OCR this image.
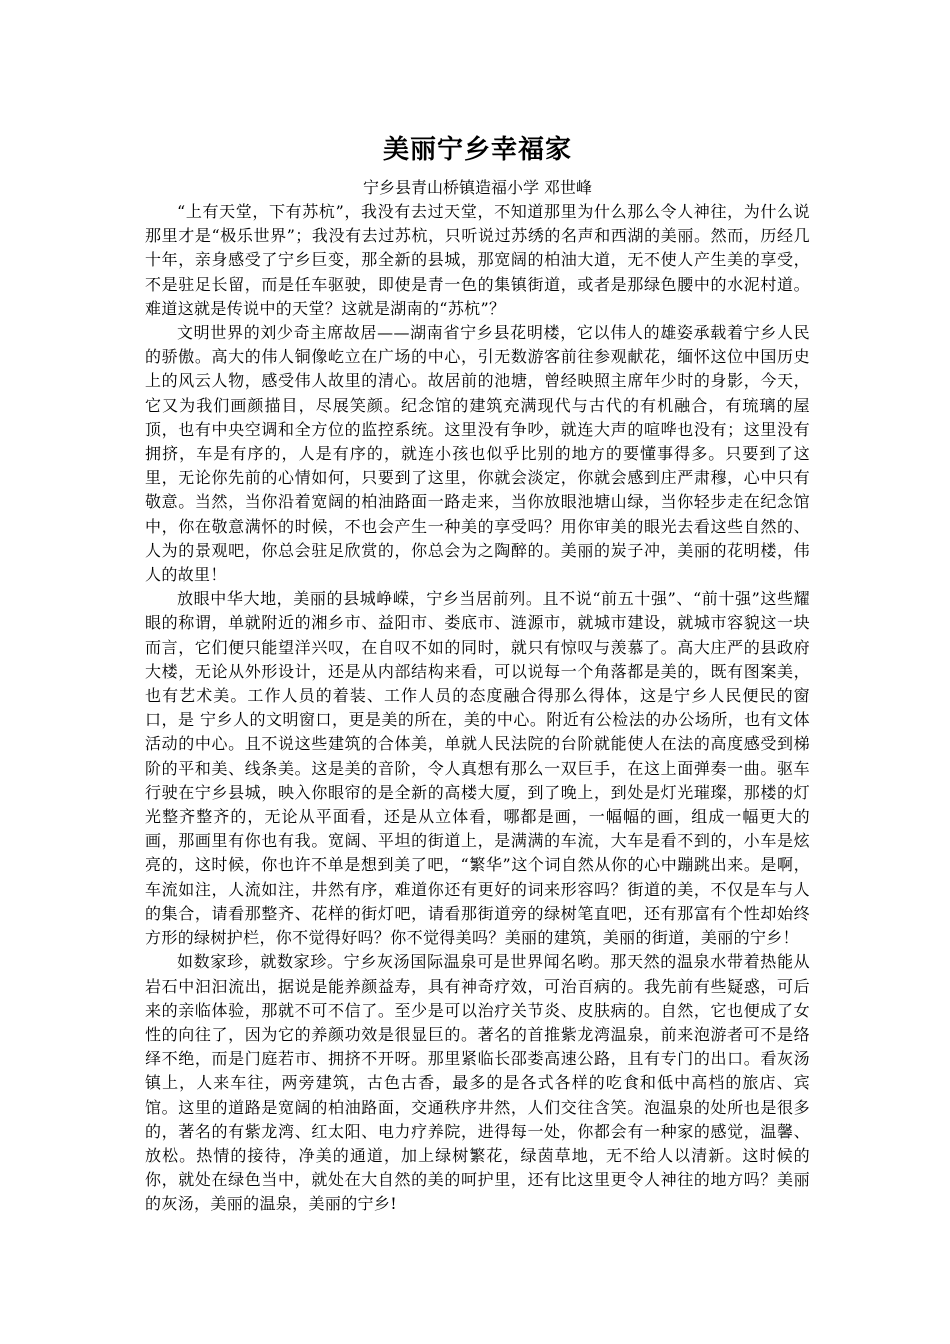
美丽宁乡幸福家

宁乡县青山桥镇造福小学 邓世峰

“上有天堂，下有苏杭”，我没有去过天堂，不知道那里为什么那么令人神往，为什么说那里才是“极乐世界”；我没有去过苏杭，只听说过苏绣的名声和西湖的美丽。然而，历经几十年，亲身感受了宁乡巨变，那全新的县城，那宽阔的柏油大道，无不使人产生美的享受，不是驻足长留，而是任车驱驶，即使是青一色的集镇街道，或者是那绿色腰中的水泥村道。难道这就是传说中的天堂？这就是湖南的“苏杭”？

文明世界的刘少奇主席故居——湖南省宁乡县花明楼，它以伟人的雄姿承载着宁乡人民的骄傲。高大的伟人铜像屹立在广场的中心，引无数游客前往参观献花，缅怀这位中国历史上的风云人物，感受伟人故里的清心。故居前的池塘，曾经映照主席年少时的身影，今天，它又为我们画颜描目，尽展笑颜。纪念馆的建筑充满现代与古代的有机融合，有琉璃的屋顶，也有中央空调和全方位的监控系统。这里没有争吵，就连大声的喧哗也没有；这里没有拥挤，车是有序的，人是有序的，就连小孩也似乎比别的地方的要懂事得多。只要到了这里，无论你先前的心情如何，只要到了这里，你就会淡定，你就会感到庄严肃穆，心中只有敬意。当然，当你沿着宽阔的柏油路面一路走来，当你放眼池塘山绿，当你轻步走在纪念馆中，你在敬意满怀的时候，不也会产生一种美的享受吗？用你审美的眼光去看这些自然的、人为的景观吧，你总会驻足欣赏的，你总会为之陶醉的。美丽的炭子冲，美丽的花明楼，伟人的故里！

放眼中华大地，美丽的县城峥嵘，宁乡当居前列。且不说“前五十强”、“前十强”这些耀眼的称谓，单就附近的湘乡市、益阳市、娄底市、涟源市，就城市建设，就城市容貌这一块而言，它们便只能望洋兴叹，在自叹不如的同时，就只有惊叹与羡慕了。高大庄严的县政府大楼，无论从外形设计，还是从内部结构来看，可以说每一个角落都是美的，既有图案美，也有艺术美。工作人员的着装、工作人员的态度融合得那么得体，这是宁乡人民便民的窗口，是 宁乡人的文明窗口，更是美的所在，美的中心。附近有公检法的办公场所，也有文体活动的中心。且不说这些建筑的合体美，单就人民法院的台阶就能使人在法的高度感受到梯阶的平和美、线条美。这是美的音阶，令人真想有那么一双巨手，在这上面弹奏一曲。驱车行驶在宁乡县城，映入你眼帘的是全新的高楼大厦，到了晚上，到处是灯光璀璨，那楼的灯光整齐整齐的，无论从平面看，还是从立体看，哪都是画，一幅幅的画，组成一幅更大的画，那画里有你也有我。宽阔、平坦的街道上，是满满的车流，大车是看不到的，小车是炫亮的，这时候，你也许不单是想到美了吧，“繁华”这个词自然从你的心中蹦跳出来。是啊，车流如注，人流如注，井然有序，难道你还有更好的词来形容吗？街道的美，不仅是车与人的集合，请看那整齐、花样的街灯吧，请看那街道旁的绿树笔直吧，还有那富有个性却始终方形的绿树护栏，你不觉得好吗？你不觉得美吗？美丽的建筑，美丽的街道，美丽的宁乡！

如数家珍，就数家珍。宁乡灰汤国际温泉可是世界闻名哟。那天然的温泉水带着热能从岩石中汩汩流出，据说是能养颜益寿，具有神奇疗效，可治百病的。我先前有些疑惑，可后来的亲临体验，那就不可不信了。至少是可以治疗关节炎、皮肤病的。自然，它也便成了女性的向往了，因为它的养颜功效是很显巨的。著名的首推紫龙湾温泉，前来泡游者可不是络绎不绝，而是门庭若市、拥挤不开呀。那里紧临长邵娄高速公路，且有专门的出口。看灰汤镇上，人来车往，两旁建筑，古色古香，最多的是各式各样的吃食和低中高档的旅店、宾馆。这里的道路是宽阔的柏油路面，交通秩序井然，人们交往含笑。泡温泉的处所也是很多的，著名的有紫龙湾、红太阳、电力疗养院，进得每一处，你都会有一种家的感觉，温馨、放松。热情的接待，净美的通道，加上绿树繁花，绿茵草地，无不给人以清新。这时候的你，就处在绿色当中，就处在大自然的美的呵护里，还有比这里更令人神往的地方吗？美丽的灰汤，美丽的温泉，美丽的宁乡!
